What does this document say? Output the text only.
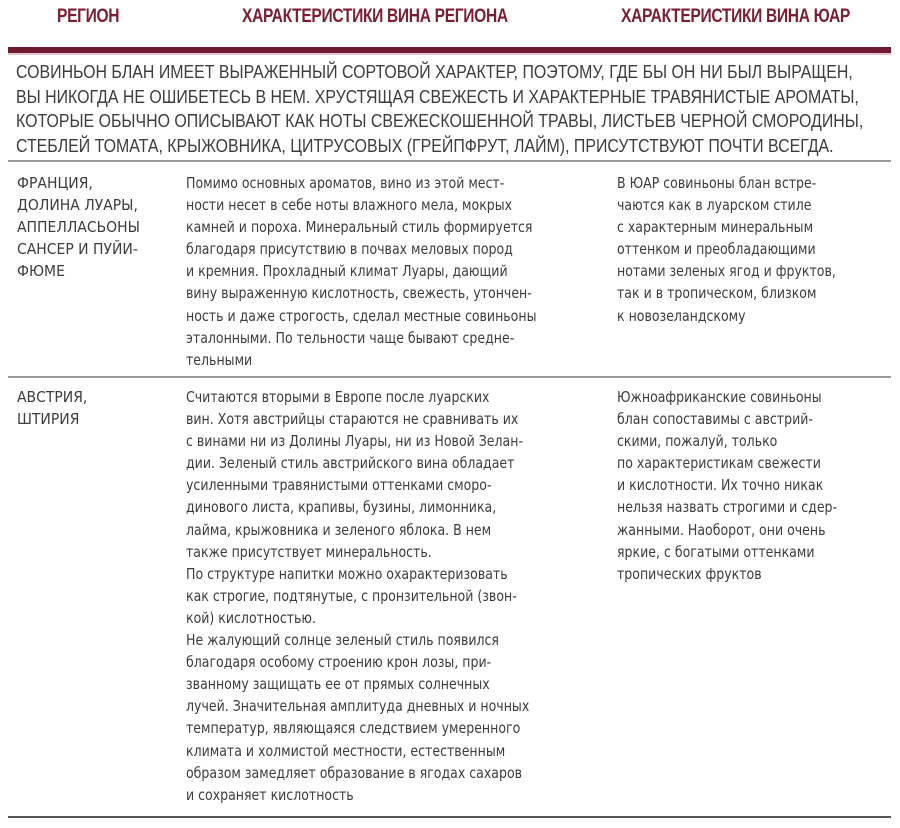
РЕГИОН	ХАРАКТЕРИСТИКИ ВИНА РЕГИОНА	ХАРАКТЕРИСТИКИ ВИНА ЮАР
СОВИНЬОН БЛАН ИМЕЕТ ВЫРАЖЕННЫЙ СОРТОВОЙ ХАРАКТЕР, ПОЭТОМУ, ГДЕ БЫ ОН НИ БЫЛ ВЫРАЩЕН,
ВЫ НИКОГДА НЕ ОШИБЕТЕСЬ В НЕМ. ХРУСТЯЩАЯ СВЕЖЕСТЬ И ХАРАКТЕРНЫЕ ТРАВЯНИСТЫЕ АРОМАТЫ,
КОТОРЫЕ ОБЫЧНО ОПИСЫВАЮТ КАК НОТЫ СВЕЖЕСКОШЕННОЙ ТРАВЫ, ЛИСТЬЕВ ЧЕРНОЙ СМОРОДИНЫ,
СТЕБЛЕЙ ТОМАТА, КРЫЖОВНИКА, ЦИТРУСОВЫХ (ГРЕЙПФРУТ, ЛАЙМ), ПРИСУТСТВУЮТ ПОЧТИ ВСЕГДА.
ФРАНЦИЯ,
ДОЛИНА ЛУАРЫ,
АППЕЛЛАСЬОНЫ
САНСЕР И ПУЙИ-
ФЮМЕ
Помимо основных ароматов, вино из этой мест-
ности несет в себе ноты влажного мела, мокрых
камней и пороха. Минеральный стиль формируется
благодаря присутствию в почвах меловых пород
и кремния. Прохладный климат Луары, дающий
вину выраженную кислотность, свежесть, утончен-
ность и даже строгость, сделал местные совиньоны
эталонными. По тельности чаще бывают средне-
тельными
В ЮАР совиньоны блан встре-
чаются как в луарском стиле
с характерным минеральным
оттенком и преобладающими
нотами зеленых ягод и фруктов,
так и в тропическом, близком
к новозеландскому
АВСТРИЯ,
ШТИРИЯ
Считаются вторыми в Европе после луарских
вин. Хотя австрийцы стараются не сравнивать их
с винами ни из Долины Луары, ни из Новой Зелан-
дии. Зеленый стиль австрийского вина обладает
усиленными травянистыми оттенками сморо-
динового листа, крапивы, бузины, лимонника,
лайма, крыжовника и зеленого яблока. В нем
также присутствует минеральность.
По структуре напитки можно охарактеризовать
как строгие, подтянутые, с пронзительной (звон-
кой) кислотностью.
Не жалующий солнце зеленый стиль появился
благодаря особому строению крон лозы, при-
званному защищать ее от прямых солнечных
лучей. Значительная амплитуда дневных и ночных
температур, являющаяся следствием умеренного
климата и холмистой местности, естественным
образом замедляет образование в ягодах сахаров
и сохраняет кислотность
Южноафриканские совиньоны
блан сопоставимы с австрий-
скими, пожалуй, только
по характеристикам свежести
и кислотности. Их точно никак
нельзя назвать строгими и сдер-
жанными. Наоборот, они очень
яркие, с богатыми оттенками
тропических фруктов
